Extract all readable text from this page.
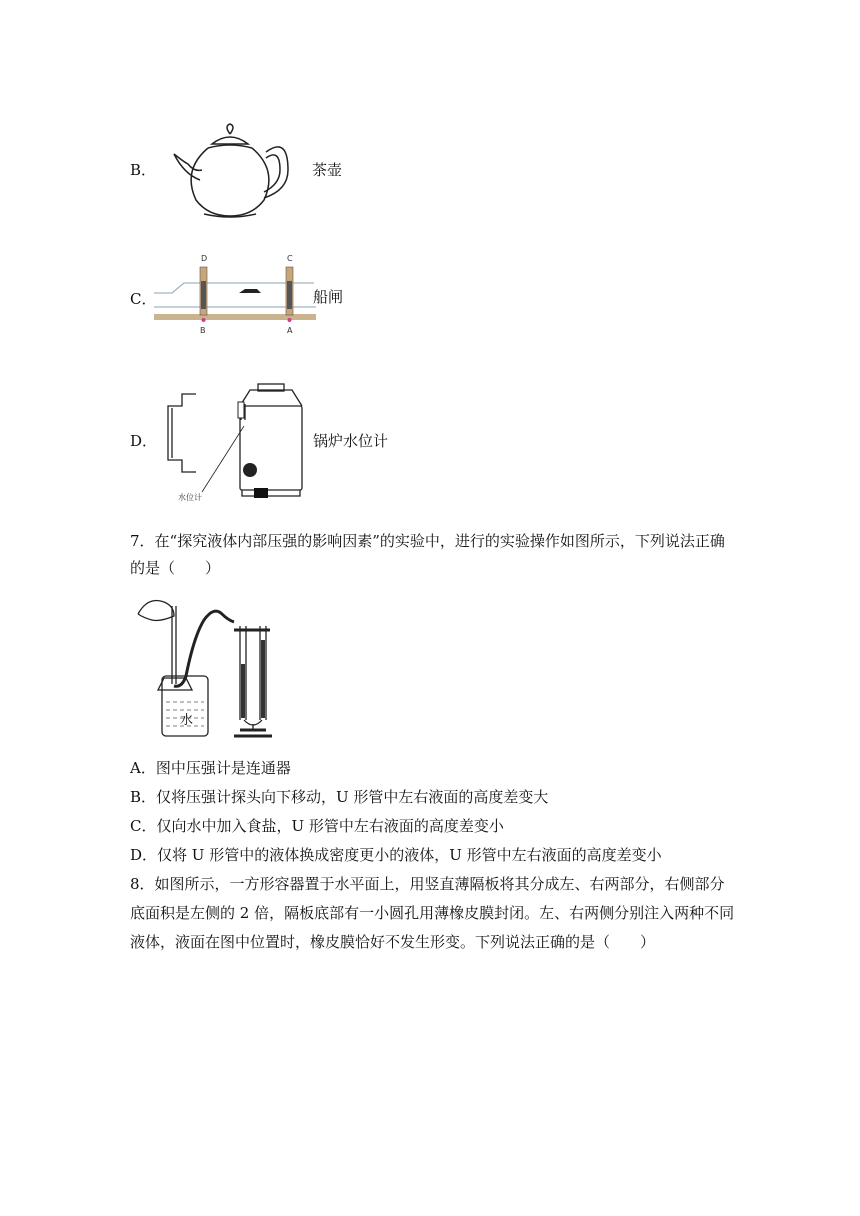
B．	茶壶
C．
D	C
B	A
船闸
D．
水位计
锅炉水位计
7．在“探究液体内部压强的影响因素”的实验中，进行的实验操作如图所示，下列说法正确
的是（　　）
水
A．图中压强计是连通器
B．仅将压强计探头向下移动，U 形管中左右液面的高度差变大
C．仅向水中加入食盐，U 形管中左右液面的高度差变小
D．仅将 U 形管中的液体换成密度更小的液体，U 形管中左右液面的高度差变小
8．如图所示，一方形容器置于水平面上，用竖直薄隔板将其分成左、右两部分，右侧部分
底面积是左侧的 2 倍，隔板底部有一小圆孔用薄橡皮膜封闭。左、右两侧分别注入两种不同
液体，液面在图中位置时，橡皮膜恰好不发生形变。下列说法正确的是（　　）
